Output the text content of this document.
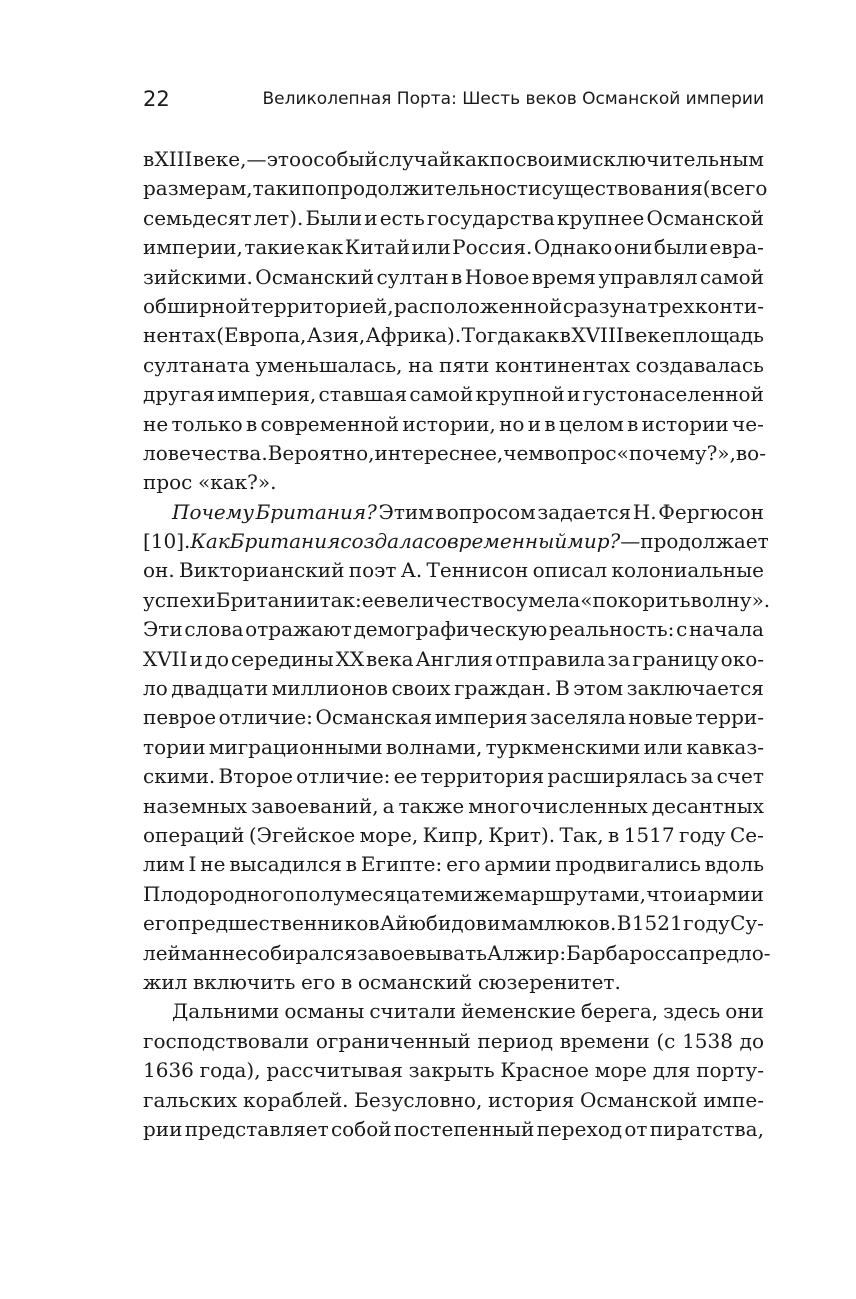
22	Великолепная Порта: Шесть веков Османской империи
в XIII веке,— это особый случай как по своим исключительным
размерам, так и по продолжительности существования (всего
семьдесят лет). Были и есть государства крупнее Османской
империи, такие как Китай или Россия. Однако они были евра-
зийскими. Османский султан в Новое время управлял самой
обширной территорией, расположенной сразу на трех конти-
нентах (Европа, Азия, Африка). Тогда как в XVIII веке площадь
султаната уменьшалась, на пяти континентах создавалась
другая империя, ставшая самой крупной и густонаселенной
не только в современной истории, но и в целом в истории че-
ловечества. Вероятно, интереснее, чем вопрос «почему?», во-
прос «как?».
Почему Британия? Этим вопросом задается Н. Фергюсон
[10]. Как Британия создала современный мир? — продолжает
он. Викторианский поэт А. Теннисон описал колониальные
успехи Британии так: ее величество сумела «покорить волну».
Эти слова отражают демографическую реальность: с начала
XVII и до середины XX века Англия отправила за границу око-
ло двадцати миллионов своих граждан. В этом заключается
певрое отличие: Османская империя заселяла новые терри-
тории миграционными волнами, туркменскими или кавказ-
скими. Второе отличие: ее территория расширялась за счет
наземных завоеваний, а также многочисленных десантных
операций (Эгейское море, Кипр, Крит). Так, в 1517 году Се-
лим I не высадился в Египте: его армии продвигались вдоль
Плодородного полумесяца теми же маршрутами, что и армии
его предшественников Айюбидов и мамлюков. В 1521 году Су-
лейман не собирался завоевывать Алжир: Барбаросса предло-
жил включить его в османский сюзеренитет.
Дальними османы считали йеменские берега, здесь они
господствовали ограниченный период времени (с 1538 до
1636 года), рассчитывая закрыть Красное море для порту-
гальских кораблей. Безусловно, история Османской импе-
рии представляет собой постепенный переход от пиратства,
